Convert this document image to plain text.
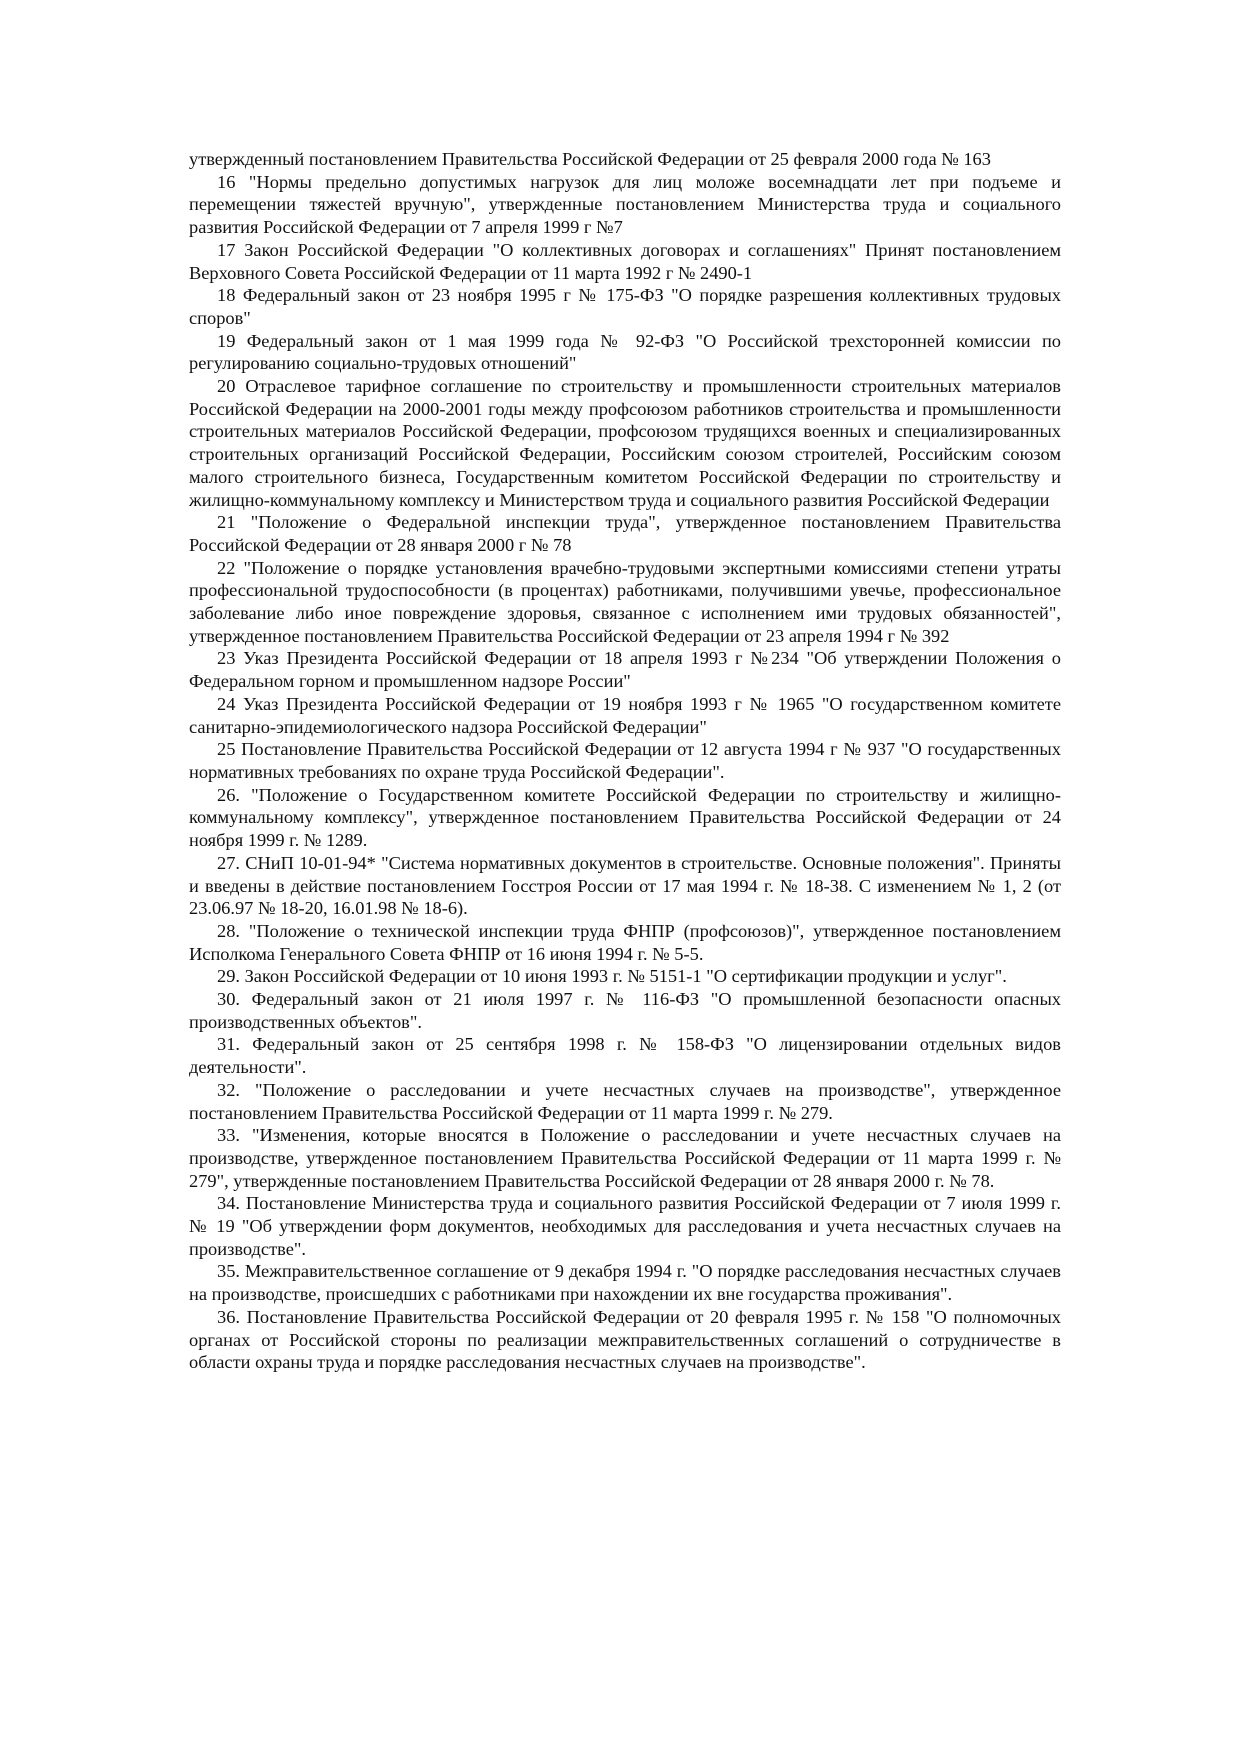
утвержденный постановлением Правительства Российской Федерации от 25 февраля 2000 года № 163

16 "Нормы предельно допустимых нагрузок для лиц моложе восемнадцати лет при подъеме и перемещении тяжестей вручную", утвержденные постановлением Министерства труда и социального развития Российской Федерации от 7 апреля 1999 г №7

17 Закон Российской Федерации "О коллективных договорах и соглашениях" Принят постановлением Верховного Совета Российской Федерации от 11 марта 1992 г № 2490-1

18 Федеральный закон от 23 ноября 1995 г № 175-ФЗ "О порядке разрешения коллективных трудовых споров"

19 Федеральный закон от 1 мая 1999 года № 92-ФЗ "О Российской трехсторонней комиссии по регулированию социально-трудовых отношений"

20 Отраслевое тарифное соглашение по строительству и промышленности строительных материалов Российской Федерации на 2000-2001 годы между профсоюзом работников строительства и промышленности строительных материалов Российской Федерации, профсоюзом трудящихся военных и специализированных строительных организаций Российской Федерации, Российским союзом строителей, Российским союзом малого строительного бизнеса, Государственным комитетом Российской Федерации по строительству и жилищно-коммунальному комплексу и Министерством труда и социального развития Российской Федерации

21 "Положение о Федеральной инспекции труда", утвержденное постановлением Правительства Российской Федерации от 28 января 2000 г № 78

22 "Положение о порядке установления врачебно-трудовыми экспертными комиссиями степени утраты профессиональной трудоспособности (в процентах) работниками, получившими увечье, профессиональное заболевание либо иное повреждение здоровья, связанное с исполнением ими трудовых обязанностей", утвержденное постановлением Правительства Российской Федерации от 23 апреля 1994 г № 392

23 Указ Президента Российской Федерации от 18 апреля 1993 г №234 "Об утверждении Положения о Федеральном горном и промышленном надзоре России"

24 Указ Президента Российской Федерации от 19 ноября 1993 г № 1965 "О государственном комитете санитарно-эпидемиологического надзора Российской Федерации"

25 Постановление Правительства Российской Федерации от 12 августа 1994 г № 937 "О государственных нормативных требованиях по охране труда Российской Федерации".

26. "Положение о Государственном комитете Российской Федерации по строительству и жилищно-коммунальному комплексу", утвержденное постановлением Правительства Российской Федерации от 24 ноября 1999 г. № 1289.

27. СНиП 10-01-94* "Система нормативных документов в строительстве. Основные положения". Приняты и введены в действие постановлением Госстроя России от 17 мая 1994 г. № 18-38. С изменением № 1, 2 (от 23.06.97 № 18-20, 16.01.98 № 18-6).

28. "Положение о технической инспекции труда ФНПР (профсоюзов)", утвержденное постановлением Исполкома Генерального Совета ФНПР от 16 июня 1994 г. № 5-5.

29. Закон Российской Федерации от 10 июня 1993 г. № 5151-1 "О сертификации продукции и услуг".

30. Федеральный закон от 21 июля 1997 г. № 116-ФЗ "О промышленной безопасности опасных производственных объектов".

31. Федеральный закон от 25 сентября 1998 г. № 158-ФЗ "О лицензировании отдельных видов деятельности".

32. "Положение о расследовании и учете несчастных случаев на производстве", утвержденное постановлением Правительства Российской Федерации от 11 марта 1999 г. № 279.

33. "Изменения, которые вносятся в Положение о расследовании и учете несчастных случаев на производстве, утвержденное постановлением Правительства Российской Федерации от 11 марта 1999 г. № 279", утвержденные постановлением Правительства Российской Федерации от 28 января 2000 г. № 78.

34. Постановление Министерства труда и социального развития Российской Федерации от 7 июля 1999 г. № 19 "Об утверждении форм документов, необходимых для расследования и учета несчастных случаев на производстве".

35. Межправительственное соглашение от 9 декабря 1994 г. "О порядке расследования несчастных случаев на производстве, происшедших с работниками при нахождении их вне государства проживания".

36. Постановление Правительства Российской Федерации от 20 февраля 1995 г. № 158 "О полномочных органах от Российской стороны по реализации межправительственных соглашений о сотрудничестве в области охраны труда и порядке расследования несчастных случаев на производстве".
